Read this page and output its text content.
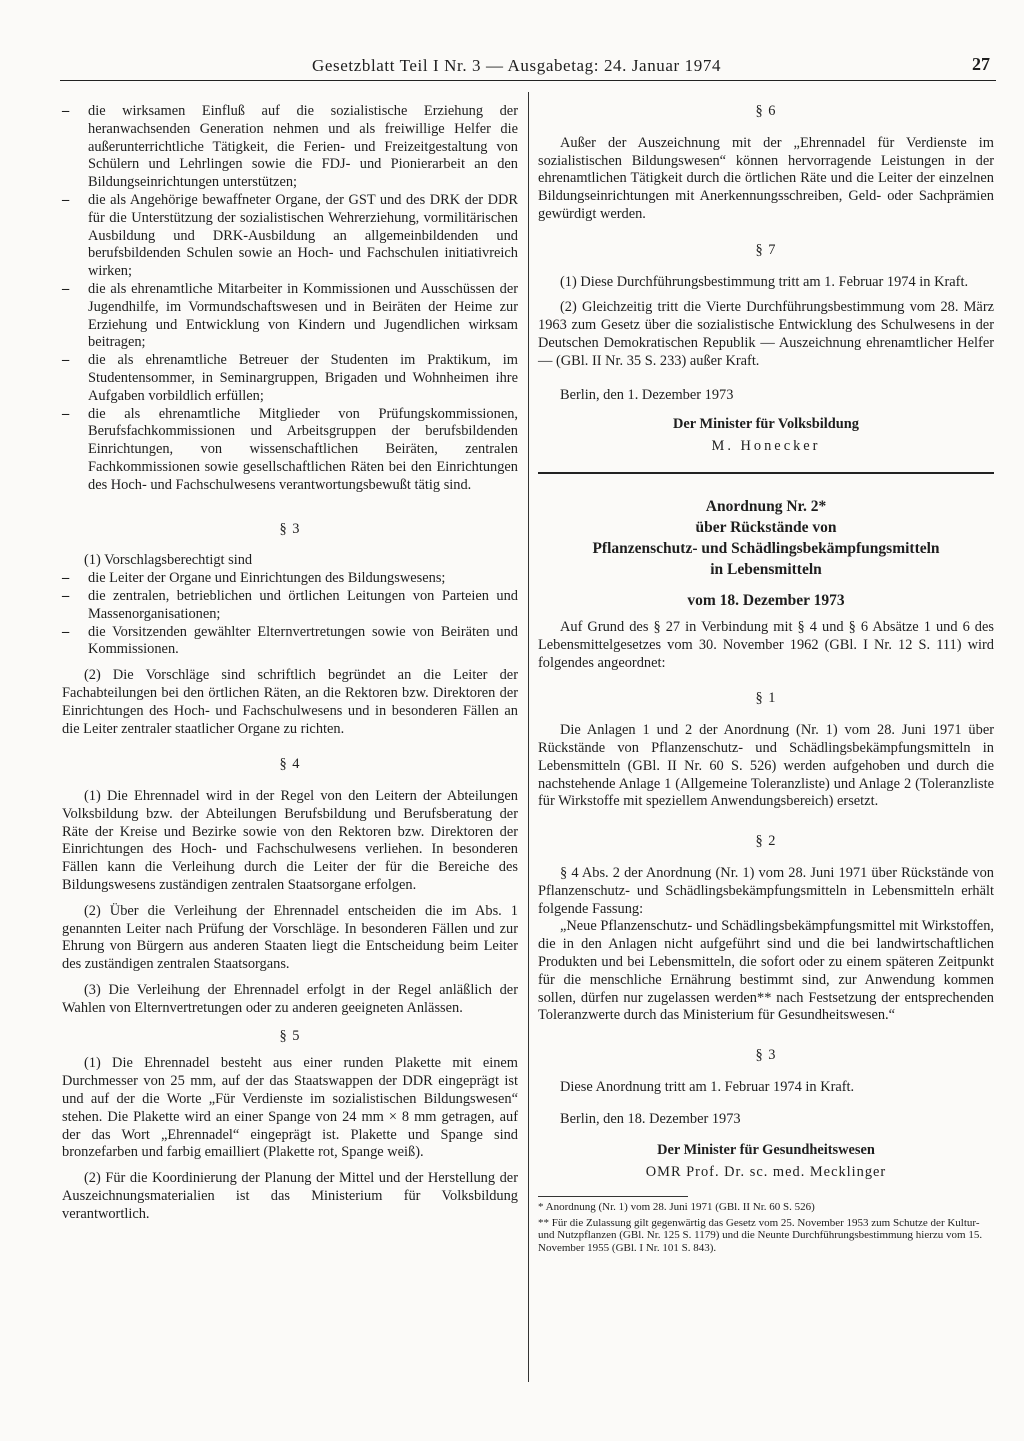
Gesetzblatt Teil I Nr. 3 — Ausgabetag: 24. Januar 1974	27
– die wirksamen Einfluß auf die sozialistische Erziehung der heranwachsenden Generation nehmen und als freiwillige Helfer die außerunterrichtliche Tätigkeit, die Ferien- und Freizeitgestaltung von Schülern und Lehrlingen sowie die FDJ- und Pionierarbeit an den Bildungseinrichtungen unterstützen;
– die als Angehörige bewaffneter Organe, der GST und des DRK der DDR für die Unterstützung der sozialistischen Wehrerziehung, vormilitärischen Ausbildung und DRK-Ausbildung an allgemeinbildenden und berufsbildenden Schulen sowie an Hoch- und Fachschulen initiativreich wirken;
– die als ehrenamtliche Mitarbeiter in Kommissionen und Ausschüssen der Jugendhilfe, im Vormundschaftswesen und in Beiräten der Heime zur Erziehung und Entwicklung von Kindern und Jugendlichen wirksam beitragen;
– die als ehrenamtliche Betreuer der Studenten im Praktikum, im Studentensommer, in Seminargruppen, Brigaden und Wohnheimen ihre Aufgaben vorbildlich erfüllen;
– die als ehrenamtliche Mitglieder von Prüfungskommissionen, Berufsfachkommissionen und Arbeitsgruppen der berufsbildenden Einrichtungen, von wissenschaftlichen Beiräten, zentralen Fachkommissionen sowie gesellschaftlichen Räten bei den Einrichtungen des Hoch- und Fachschulwesens verantwortungsbewußt tätig sind.
§ 3

(1) Vorschlagsberechtigt sind

– die Leiter der Organe und Einrichtungen des Bildungswesens;
– die zentralen, betrieblichen und örtlichen Leitungen von Parteien und Massenorganisationen;
– die Vorsitzenden gewählter Elternvertretungen sowie von Beiräten und Kommissionen.

(2) Die Vorschläge sind schriftlich begründet an die Leiter der Fachabteilungen bei den örtlichen Räten, an die Rektoren bzw. Direktoren der Einrichtungen des Hoch- und Fachschulwesens und in besonderen Fällen an die Leiter zentraler staatlicher Organe zu richten.

§ 4

(1) Die Ehrennadel wird in der Regel von den Leitern der Abteilungen Volksbildung bzw. der Abteilungen Berufsbildung und Berufsberatung der Räte der Kreise und Bezirke sowie von den Rektoren bzw. Direktoren der Einrichtungen des Hoch- und Fachschulwesens verliehen. In besonderen Fällen kann die Verleihung durch die Leiter der für die Bereiche des Bildungswesens zuständigen zentralen Staatsorgane erfolgen.

(2) Über die Verleihung der Ehrennadel entscheiden die im Abs. 1 genannten Leiter nach Prüfung der Vorschläge. In besonderen Fällen und zur Ehrung von Bürgern aus anderen Staaten liegt die Entscheidung beim Leiter des zuständigen zentralen Staatsorgans.

(3) Die Verleihung der Ehrennadel erfolgt in der Regel anläßlich der Wahlen von Elternvertretungen oder zu anderen geeigneten Anlässen.

§ 5

(1) Die Ehrennadel besteht aus einer runden Plakette mit einem Durchmesser von 25 mm, auf der das Staatswappen der DDR eingeprägt ist und auf der die Worte „Für Verdienste im sozialistischen Bildungswesen“ stehen. Die Plakette wird an einer Spange von 24 mm × 8 mm getragen, auf der das Wort „Ehrennadel“ eingeprägt ist. Plakette und Spange sind bronzefarben und farbig emailliert (Plakette rot, Spange weiß).

(2) Für die Koordinierung der Planung der Mittel und der Herstellung der Auszeichnungsmaterialien ist das Ministerium für Volksbildung verantwortlich.

§ 6

Außer der Auszeichnung mit der „Ehrennadel für Verdienste im sozialistischen Bildungswesen“ können hervorragende Leistungen in der ehrenamtlichen Tätigkeit durch die örtlichen Räte und die Leiter der einzelnen Bildungseinrichtungen mit Anerkennungsschreiben, Geld- oder Sachprämien gewürdigt werden.

§ 7

(1) Diese Durchführungsbestimmung tritt am 1. Februar 1974 in Kraft.

(2) Gleichzeitig tritt die Vierte Durchführungsbestimmung vom 28. März 1963 zum Gesetz über die sozialistische Entwicklung des Schulwesens in der Deutschen Demokratischen Republik — Auszeichnung ehrenamtlicher Helfer — (GBl. II Nr. 35 S. 233) außer Kraft.

Berlin, den 1. Dezember 1973

Der Minister für Volksbildung

M. Honecker

Anordnung Nr. 2*
über Rückstände von
Pflanzenschutz- und Schädlingsbekämpfungsmitteln
in Lebensmitteln
vom 18. Dezember 1973

Auf Grund des § 27 in Verbindung mit § 4 und § 6 Absätze 1 und 6 des Lebensmittelgesetzes vom 30. November 1962 (GBl. I Nr. 12 S. 111) wird folgendes angeordnet:

§ 1

Die Anlagen 1 und 2 der Anordnung (Nr. 1) vom 28. Juni 1971 über Rückstände von Pflanzenschutz- und Schädlingsbekämpfungsmitteln in Lebensmitteln (GBl. II Nr. 60 S. 526) werden aufgehoben und durch die nachstehende Anlage 1 (Allgemeine Toleranzliste) und Anlage 2 (Toleranzliste für Wirkstoffe mit speziellem Anwendungsbereich) ersetzt.

§ 2

§ 4 Abs. 2 der Anordnung (Nr. 1) vom 28. Juni 1971 über Rückstände von Pflanzenschutz- und Schädlingsbekämpfungsmitteln in Lebensmitteln erhält folgende Fassung:

„Neue Pflanzenschutz- und Schädlingsbekämpfungsmittel mit Wirkstoffen, die in den Anlagen nicht aufgeführt sind und die bei landwirtschaftlichen Produkten und bei Lebensmitteln, die sofort oder zu einem späteren Zeitpunkt für die menschliche Ernährung bestimmt sind, zur Anwendung kommen sollen, dürfen nur zugelassen werden** nach Festsetzung der entsprechenden Toleranzwerte durch das Ministerium für Gesundheitswesen.“

§ 3

Diese Anordnung tritt am 1. Februar 1974 in Kraft.

Berlin, den 18. Dezember 1973

Der Minister für Gesundheitswesen

OMR Prof. Dr. sc. med. Mecklinger

* Anordnung (Nr. 1) vom 28. Juni 1971 (GBl. II Nr. 60 S. 526)
** Für die Zulassung gilt gegenwärtig das Gesetz vom 25. November 1953 zum Schutze der Kultur- und Nutzpflanzen (GBl. Nr. 125 S. 1179) und die Neunte Durchführungsbestimmung hierzu vom 15. November 1955 (GBl. I Nr. 101 S. 843).
